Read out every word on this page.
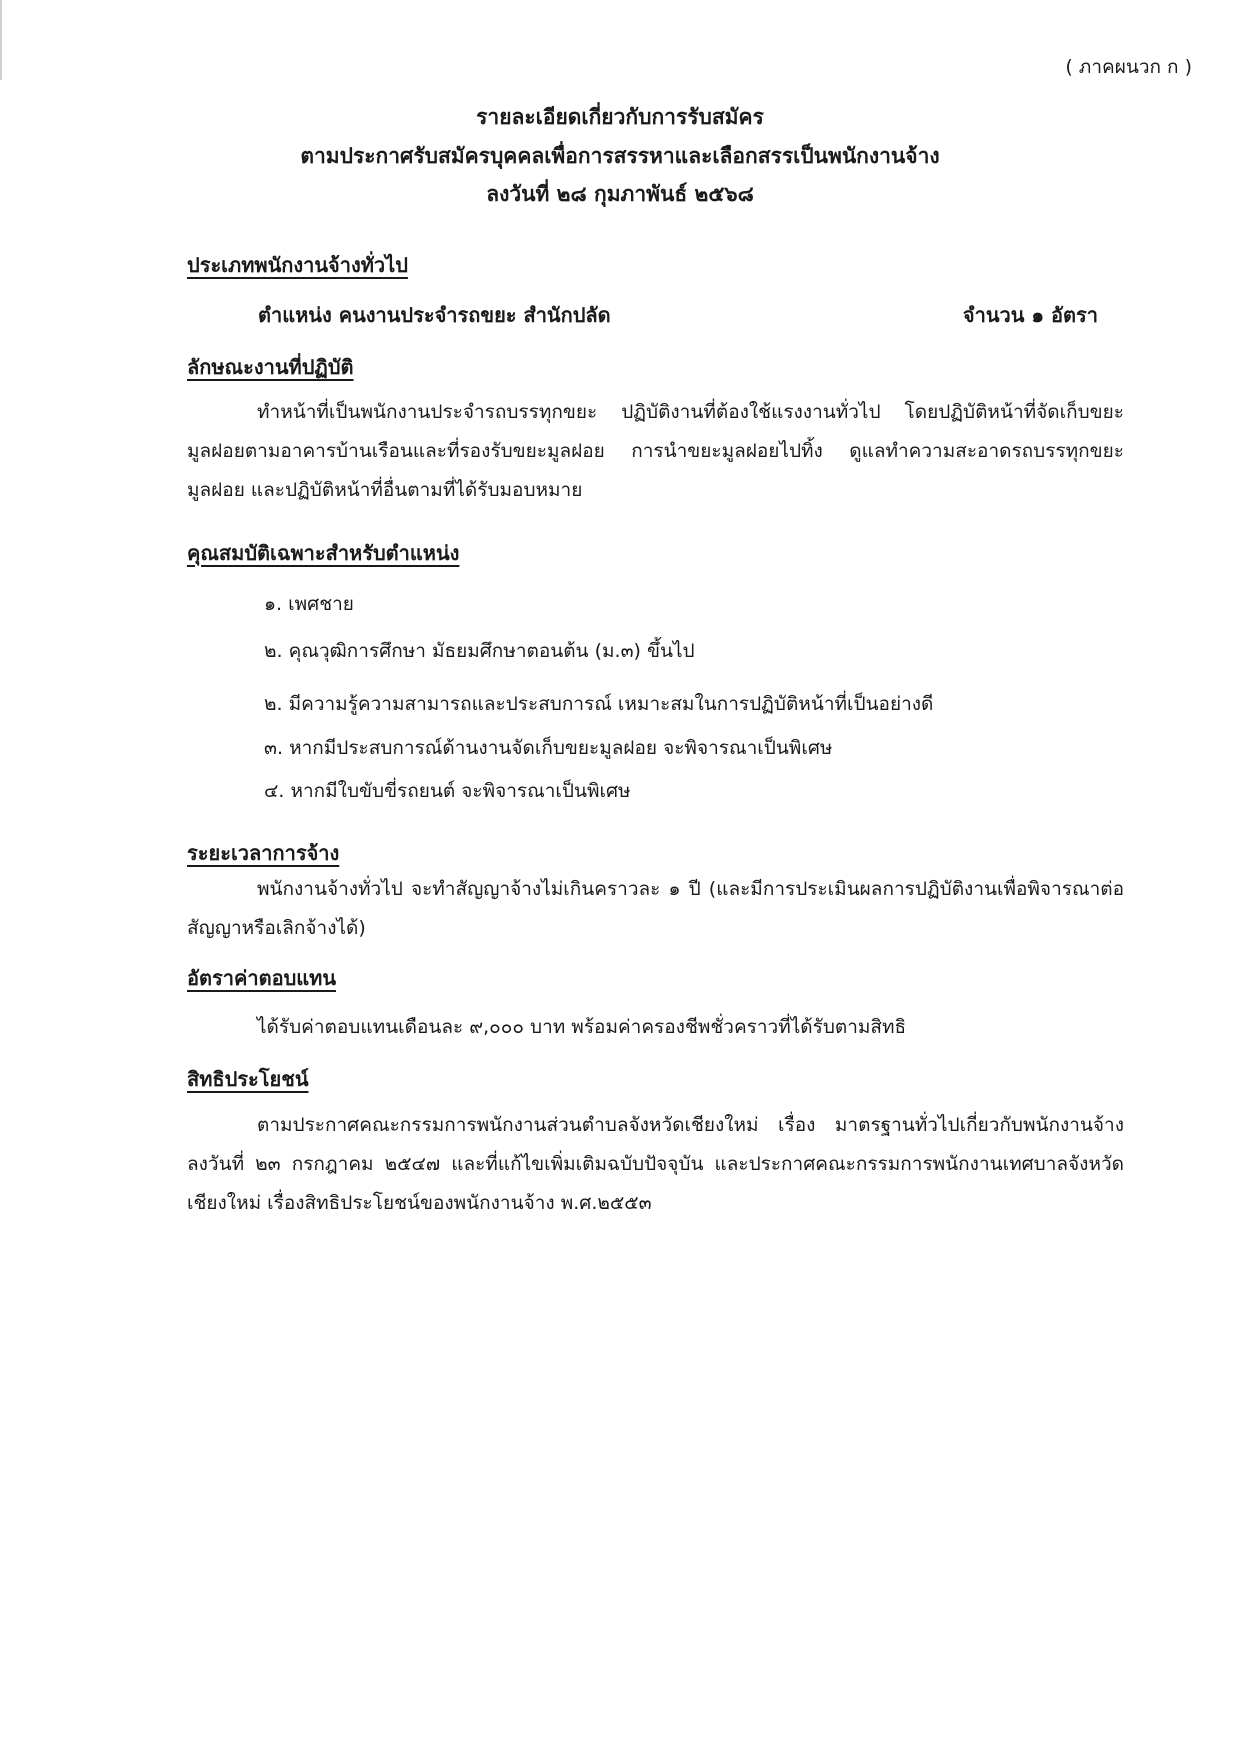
( ภาคผนวก ก )

รายละเอียดเกี่ยวกับการรับสมัคร

ตามประกาศรับสมัครบุคคลเพื่อการสรรหาและเลือกสรรเป็นพนักงานจ้าง

ลงวันที่ ๒๘ กุมภาพันธ์ ๒๕๖๘

ประเภทพนักงานจ้างทั่วไป

ตำแหน่ง คนงานประจำรถขยะ สำนักปลัด	จำนวน ๑ อัตรา

ลักษณะงานที่ปฏิบัติ

ทำหน้าที่เป็นพนักงานประจำรถบรรทุกขยะ ปฏิบัติงานที่ต้องใช้แรงงานทั่วไป โดยปฏิบัติหน้าที่จัดเก็บขยะมูลฝอยตามอาคารบ้านเรือนและที่รองรับขยะมูลฝอย การนำขยะมูลฝอยไปทิ้ง ดูแลทำความสะอาดรถบรรทุกขยะมูลฝอย และปฏิบัติหน้าที่อื่นตามที่ได้รับมอบหมาย

คุณสมบัติเฉพาะสำหรับตำแหน่ง

๑. เพศชาย

๒. คุณวุฒิการศึกษา มัธยมศึกษาตอนต้น (ม.๓) ขึ้นไป

๒. มีความรู้ความสามารถและประสบการณ์ เหมาะสมในการปฏิบัติหน้าที่เป็นอย่างดี

๓. หากมีประสบการณ์ด้านงานจัดเก็บขยะมูลฝอย จะพิจารณาเป็นพิเศษ

๔. หากมีใบขับขี่รถยนต์ จะพิจารณาเป็นพิเศษ

ระยะเวลาการจ้าง

พนักงานจ้างทั่วไป จะทำสัญญาจ้างไม่เกินคราวละ ๑ ปี (และมีการประเมินผลการปฏิบัติงานเพื่อพิจารณาต่อสัญญาหรือเลิกจ้างได้)

อัตราค่าตอบแทน

ได้รับค่าตอบแทนเดือนละ ๙,๐๐๐ บาท พร้อมค่าครองชีพชั่วคราวที่ได้รับตามสิทธิ

สิทธิประโยชน์

ตามประกาศคณะกรรมการพนักงานส่วนตำบลจังหวัดเชียงใหม่ เรื่อง มาตรฐานทั่วไปเกี่ยวกับพนักงานจ้าง ลงวันที่ ๒๓ กรกฎาคม ๒๕๔๗ และที่แก้ไขเพิ่มเติมฉบับปัจจุบัน และประกาศคณะกรรมการพนักงานเทศบาลจังหวัดเชียงใหม่ เรื่องสิทธิประโยชน์ของพนักงานจ้าง พ.ศ.๒๕๕๓
